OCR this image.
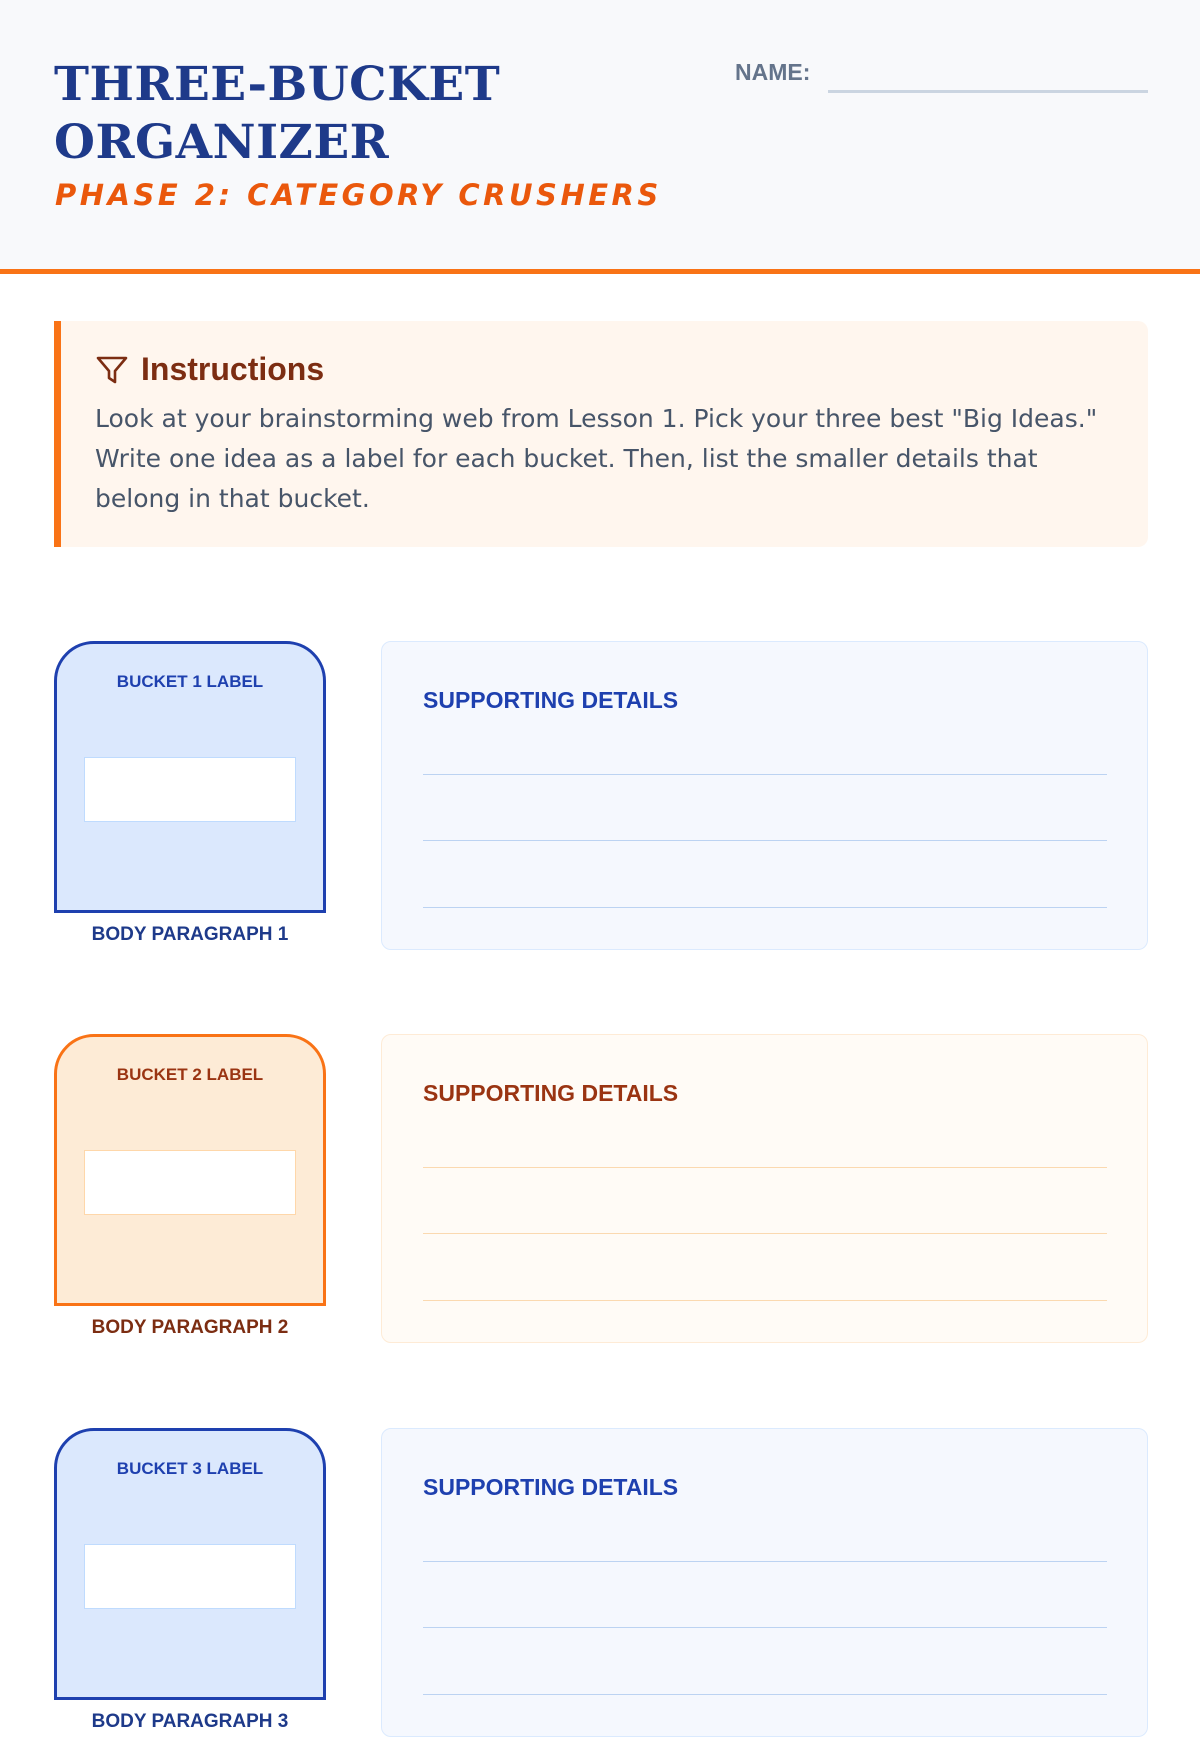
THREE-BUCKET ORGANIZER
PHASE 2: CATEGORY CRUSHERS
NAME:
Instructions

Look at your brainstorming web from Lesson 1. Pick your three best "Big Ideas." Write one idea as a label for each bucket. Then, list the smaller details that belong in that bucket.

BUCKET 1 LABEL
BODY PARAGRAPH 1
SUPPORTING DETAILS
BUCKET 2 LABEL
BODY PARAGRAPH 2
SUPPORTING DETAILS
BUCKET 3 LABEL
BODY PARAGRAPH 3
SUPPORTING DETAILS
